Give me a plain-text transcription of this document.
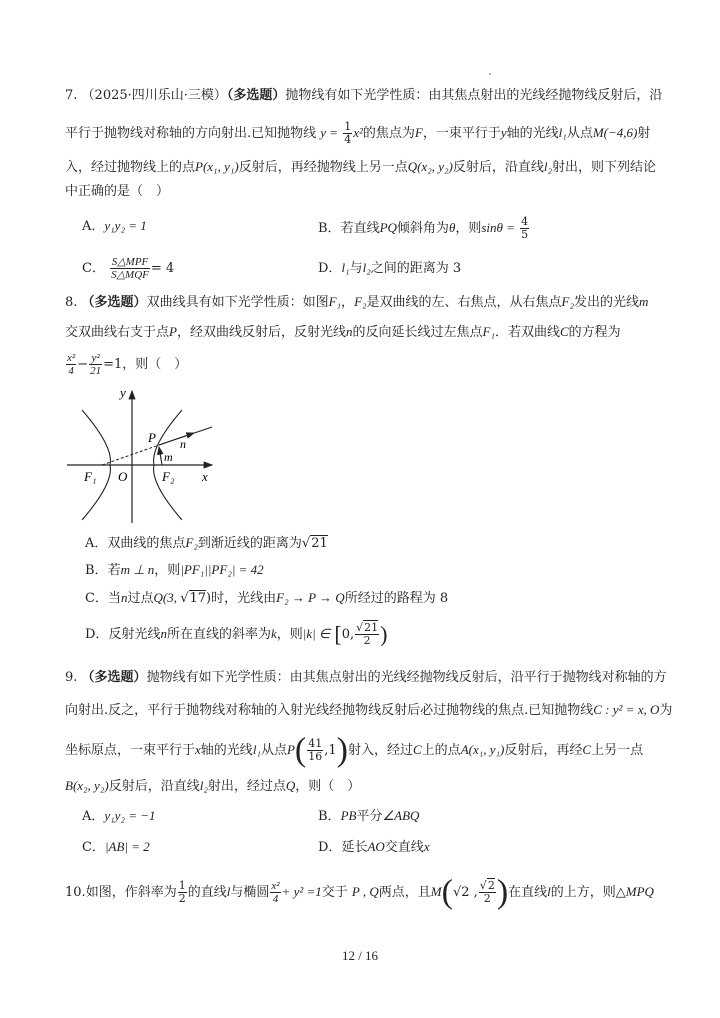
7. （2025·四川乐山·三模）（多选题）抛物线有如下光学性质：由其焦点射出的光线经抛物线反射后，沿
平行于抛物线对称轴的方向射出.已知抛物线 $y = \frac{1}{4} x^2$的焦点为F，一束平行于y轴的光线l₁从点M(−4,6)射
入，经过抛物线上的点P(x₁, y₁)反射后，再经抛物线上另一点Q(x₂, y₂)反射后，沿直线l₂射出，则下列结论
中正确的是（　）
A．y₁y₂ = 1	B．若直线PQ倾斜角为θ，则$\sin\theta = \frac{4}{5}$
C． $\frac{\text{S△MPF}}{\text{S△MQF}} = 4$	D．l₁与l₂之间的距离为 3
8. （多选题）双曲线具有如下光学性质：如图F₁，F₂是双曲线的左、右焦点，从右焦点F₂发出的光线m
交双曲线右支于点P，经双曲线反射后，反射光线n的反向延长线过左焦点F₁．若双曲线C的方程为
$\frac{\text{x²}}{4} - \frac{\text{y²}}{21} =1$，则（　）
y
x
O
F₁	F₂
P
m
n
A．双曲线的焦点F₂到渐近线的距离为√21
B．若m ⊥ n，则|PF₁||PF₂| = 42
C．当n过点Q(3, √17)时，光线由F₂ → P → Q所经过的路程为 8
D．反射光线n所在直线的斜率为k，则|k| ∈ [0, $\frac{√21}{2}$ )
9. （多选题）抛物线有如下光学性质：由其焦点射出的光线经抛物线反射后，沿平行于抛物线对称轴的方
向射出.反之，平行于抛物线对称轴的入射光线经抛物线反射后必过抛物线的焦点.已知抛物线C : y² = x, O为
坐标原点，一束平行于x轴的光线l₁从点$P( \frac{41}{16} ,1)$射入，经过C上的点A(x₁, y₁)反射后，再经C上另一点
B(x₂, y₂)反射后，沿直线l₂射出，经过点Q，则（　）
A．y₁y₂ = −1	B．PB平分∠ABQ
C．|AB| = 2	D．延长AO交直线x
10.如图，作斜率为 $\frac{1}{2}$ 的直线l与椭圆 $\frac{\text{x²}}{4} + y^2 =1$交于 P , Q两点，且M(√2 , $\frac{√2}{2}$ )在直线l的上方，则△MPQ
12 / 16
